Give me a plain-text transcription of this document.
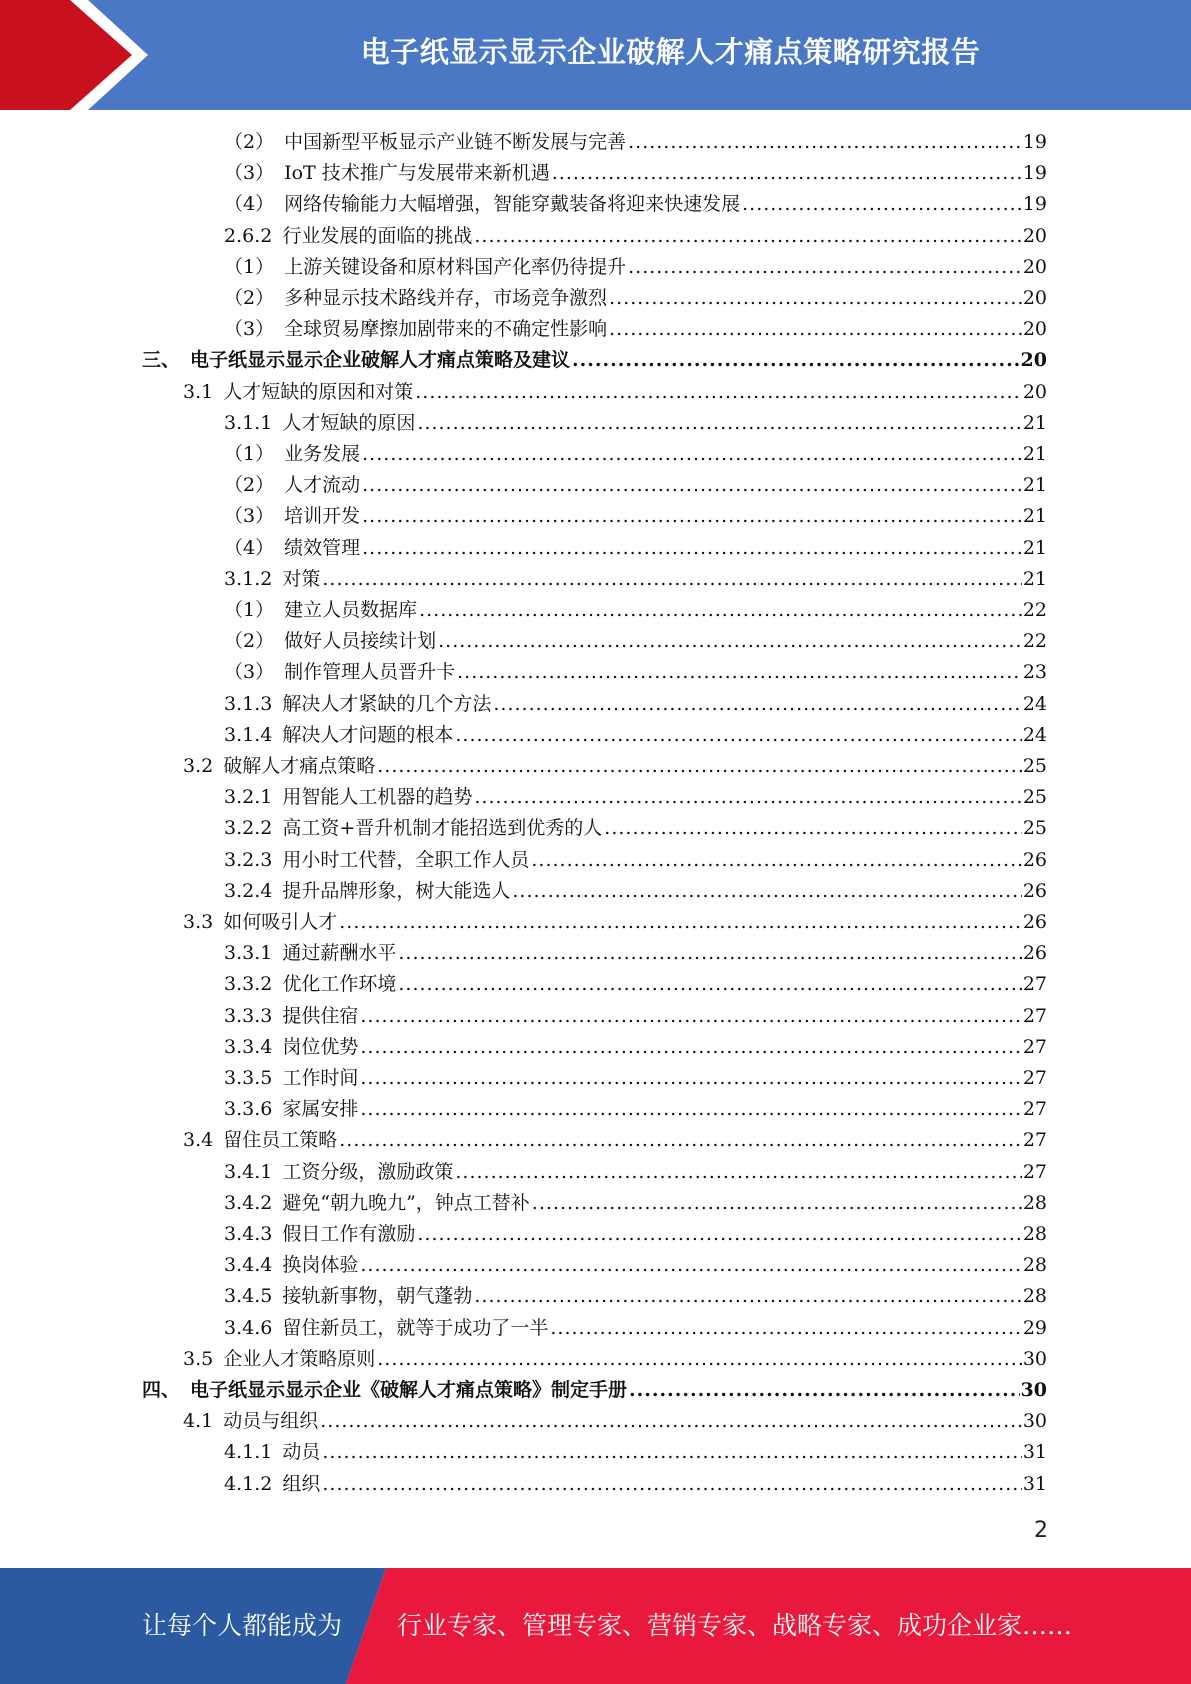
电子纸显示显示企业破解人才痛点策略研究报告
（2） 中国新型平板显示产业链不断发展与完善 .....	19
（3） IoT 技术推广与发展带来新机遇 .....	19
（4） 网络传输能力大幅增强，智能穿戴装备将迎来快速发展 .....	19
2.6.2 行业发展的面临的挑战 .....	20
（1） 上游关键设备和原材料国产化率仍待提升 .....	20
（2） 多种显示技术路线并存，市场竞争激烈 .....	20
（3） 全球贸易摩擦加剧带来的不确定性影响 .....	20
三、 电子纸显示显示企业破解人才痛点策略及建议 .....	20
3.1 人才短缺的原因和对策 .....	20
3.1.1 人才短缺的原因 .....	21
（1） 业务发展 .....	21
（2） 人才流动 .....	21
（3） 培训开发 .....	21
（4） 绩效管理 .....	21
3.1.2 对策 .....	21
（1） 建立人员数据库 .....	22
（2） 做好人员接续计划 .....	22
（3） 制作管理人员晋升卡 .....	23
3.1.3 解决人才紧缺的几个方法 .....	24
3.1.4 解决人才问题的根本 .....	24
3.2 破解人才痛点策略 .....	25
3.2.1 用智能人工机器的趋势 .....	25
3.2.2 高工资+晋升机制才能招选到优秀的人 .....	25
3.2.3 用小时工代替，全职工作人员 .....	26
3.2.4 提升品牌形象，树大能选人 .....	26
3.3 如何吸引人才 .....	26
3.3.1 通过薪酬水平 .....	26
3.3.2 优化工作环境 .....	27
3.3.3 提供住宿 .....	27
3.3.4 岗位优势 .....	27
3.3.5 工作时间 .....	27
3.3.6 家属安排 .....	27
3.4 留住员工策略 .....	27
3.4.1 工资分级，激励政策 .....	27
3.4.2 避免“朝九晚九”，钟点工替补 .....	28
3.4.3 假日工作有激励 .....	28
3.4.4 换岗体验 .....	28
3.4.5 接轨新事物，朝气蓬勃 .....	28
3.4.6 留住新员工，就等于成功了一半 .....	29
3.5 企业人才策略原则 .....	30
四、 电子纸显示显示企业《破解人才痛点策略》制定手册 .....	30
4.1 动员与组织 .....	30
4.1.1 动员 .....	31
4.1.2 组织 .....	31
2
让每个人都能成为 行业专家、管理专家、营销专家、战略专家、成功企业家……
